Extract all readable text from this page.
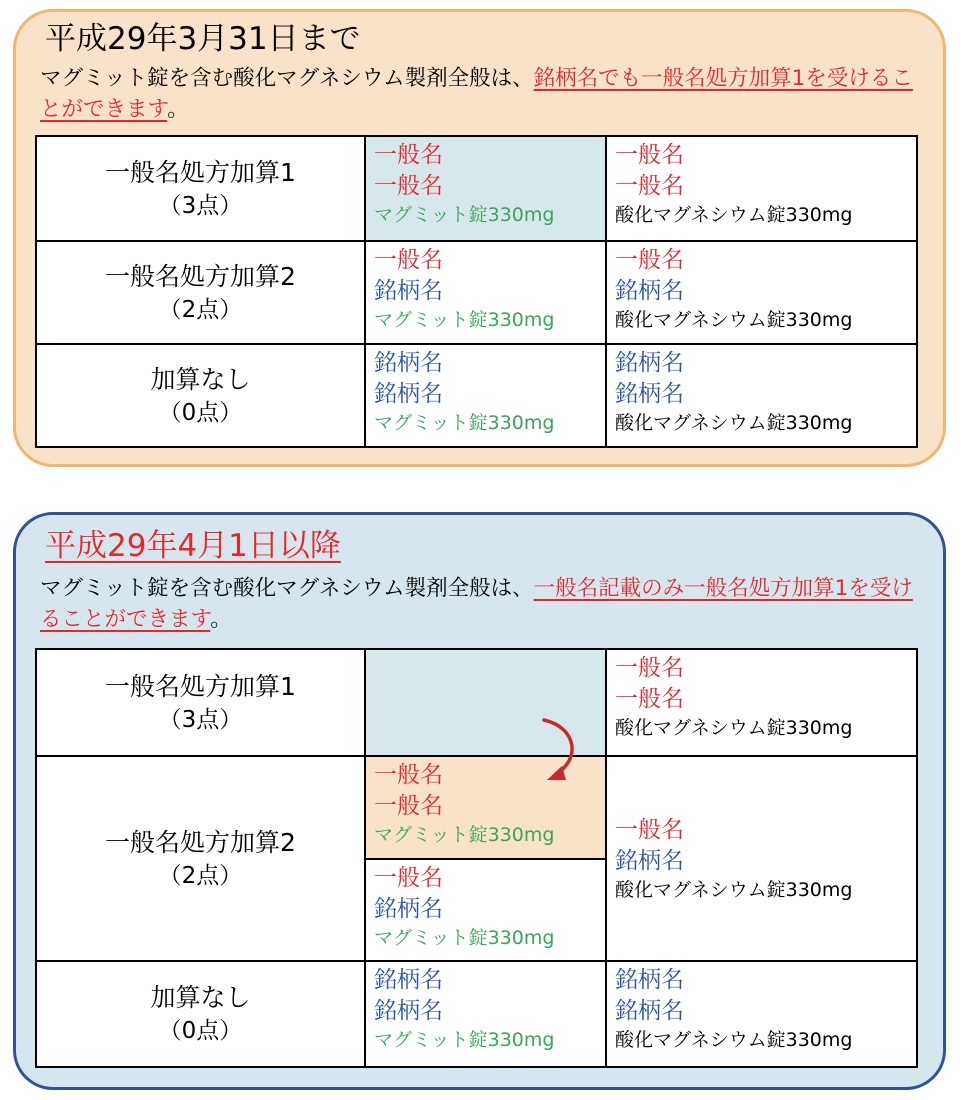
平成29年3月31日まで
マグミット錠を含む酸化マグネシウム製剤全般は、銘柄名でも一般名処方加算1を受けることができます。
一般名処方加算1
（3点）
一般名
一般名
マグミット錠330mg
一般名
一般名
酸化マグネシウム錠330mg
一般名処方加算2
（2点）
一般名
銘柄名
マグミット錠330mg
一般名
銘柄名
酸化マグネシウム錠330mg
加算なし
（0点）
銘柄名
銘柄名
マグミット錠330mg
銘柄名
銘柄名
酸化マグネシウム錠330mg
平成29年4月1日以降
マグミット錠を含む酸化マグネシウム製剤全般は、一般名記載のみ一般名処方加算1を受けることができます。
一般名処方加算1
（3点）
一般名
一般名
酸化マグネシウム錠330mg
一般名処方加算2
（2点）
一般名
一般名
マグミット錠330mg
一般名
銘柄名
マグミット錠330mg
一般名
銘柄名
酸化マグネシウム錠330mg
加算なし
（0点）
銘柄名
銘柄名
マグミット錠330mg
銘柄名
銘柄名
酸化マグネシウム錠330mg
